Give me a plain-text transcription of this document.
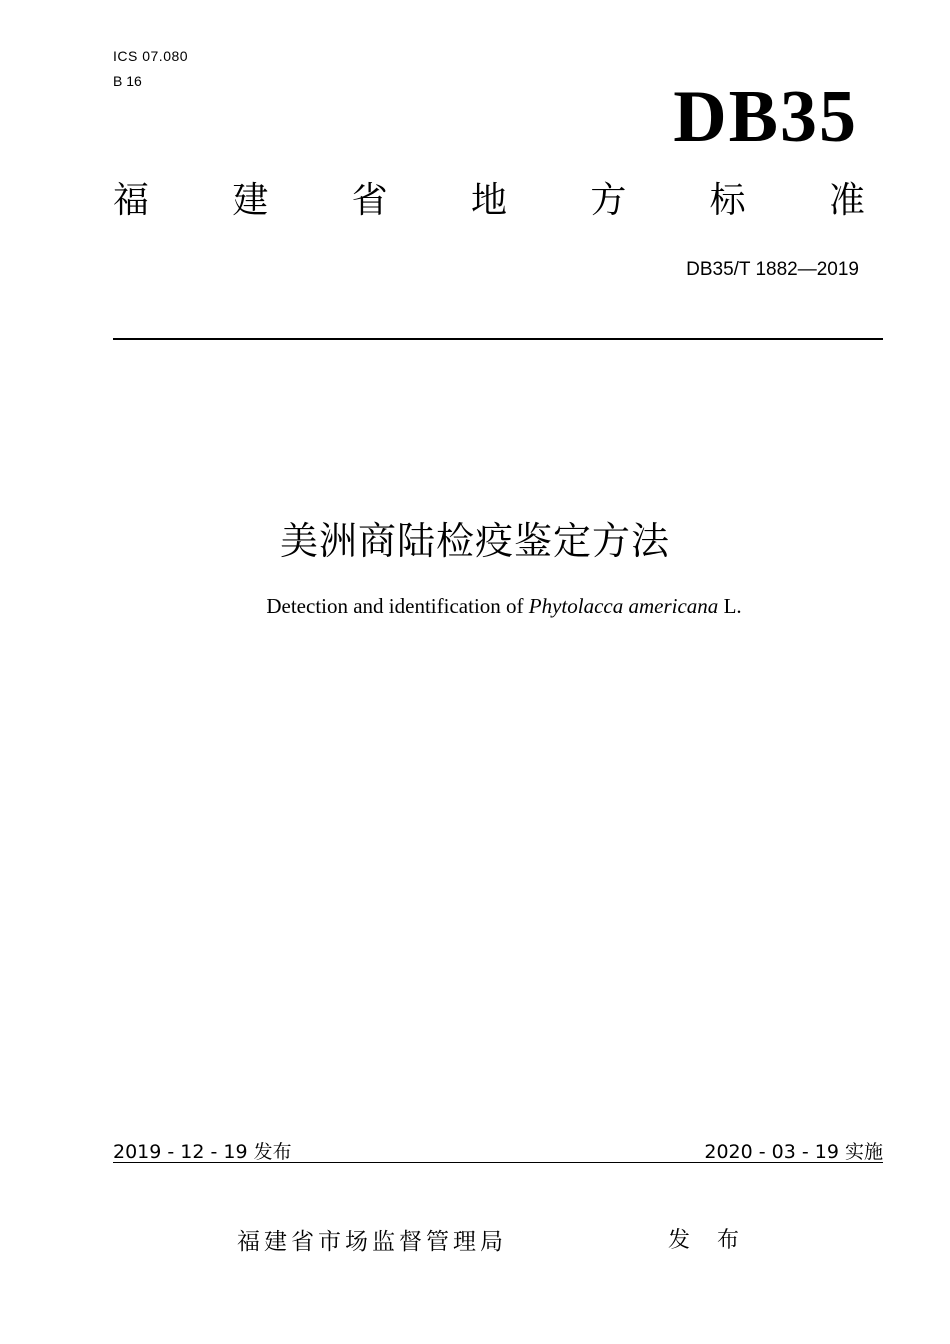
ICS 07.080
B 16	DB35
福 建 省 地 方 标 准
DB35/T 1882—2019
美洲商陆检疫鉴定方法
Detection and identification of Phytolacca americana L.
2019 - 12 - 19 发布	2020 - 03 - 19 实施
福建省市场监督管理局	发 布
